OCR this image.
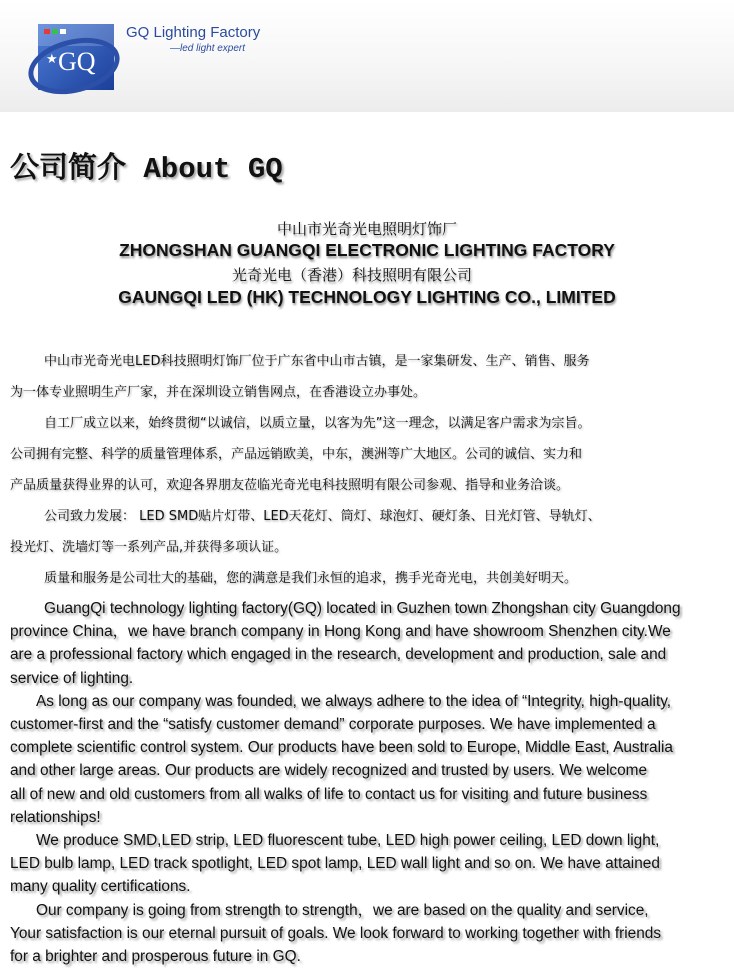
★ GQ

GQ Lighting Factory

—led light expert

公司简介 About GQ

中山市光奇光电照明灯饰厂

ZHONGSHAN GUANGQI ELECTRONIC LIGHTING FACTORY

光奇光电（香港）科技照明有限公司

GAUNGQI LED (HK) TECHNOLOGY LIGHTING CO., LIMITED

中山市光奇光电LED科技照明灯饰厂位于广东省中山市古镇，是一家集研发、生产、销售、服务

为一体专业照明生产厂家，并在深圳设立销售网点，在香港设立办事处。

自工厂成立以来，始终贯彻“以诚信，以质立量，以客为先”这一理念，以满足客户需求为宗旨。

公司拥有完整、科学的质量管理体系，产品远销欧美，中东，澳洲等广大地区。公司的诚信、实力和

产品质量获得业界的认可，欢迎各界朋友莅临光奇光电科技照明有限公司参观、指导和业务洽谈。

公司致力发展： LED SMD贴片灯带、LED天花灯、筒灯、球泡灯、硬灯条、日光灯管、导轨灯、

投光灯、洗墙灯等一系列产品,并获得多项认证。

质量和服务是公司壮大的基础，您的满意是我们永恒的追求，携手光奇光电，共创美好明天。

GuangQi technology lighting factory(GQ) located in Guzhen town Zhongshan city Guangdong

province China，we have branch company in Hong Kong and have showroom Shenzhen city.We

are a professional factory which engaged in the research, development and production, sale and

service of lighting.

As long as our company was founded, we always adhere to the idea of “Integrity, high-quality,

customer-first and the “satisfy customer demand” corporate purposes. We have implemented a

complete scientific control system. Our products have been sold to Europe, Middle East, Australia

and other large areas. Our products are widely recognized and trusted by users. We welcome

all of new and old customers from all walks of life to contact us for visiting and future business

relationships!

We produce SMD,LED strip, LED fluorescent tube, LED high power ceiling, LED down light,

LED bulb lamp, LED track spotlight, LED spot lamp, LED wall light and so on. We have attained

many quality certifications.

Our company is going from strength to strength，we are based on the quality and service,

Your satisfaction is our eternal pursuit of goals. We look forward to working together with friends

for a brighter and prosperous future in GQ.
